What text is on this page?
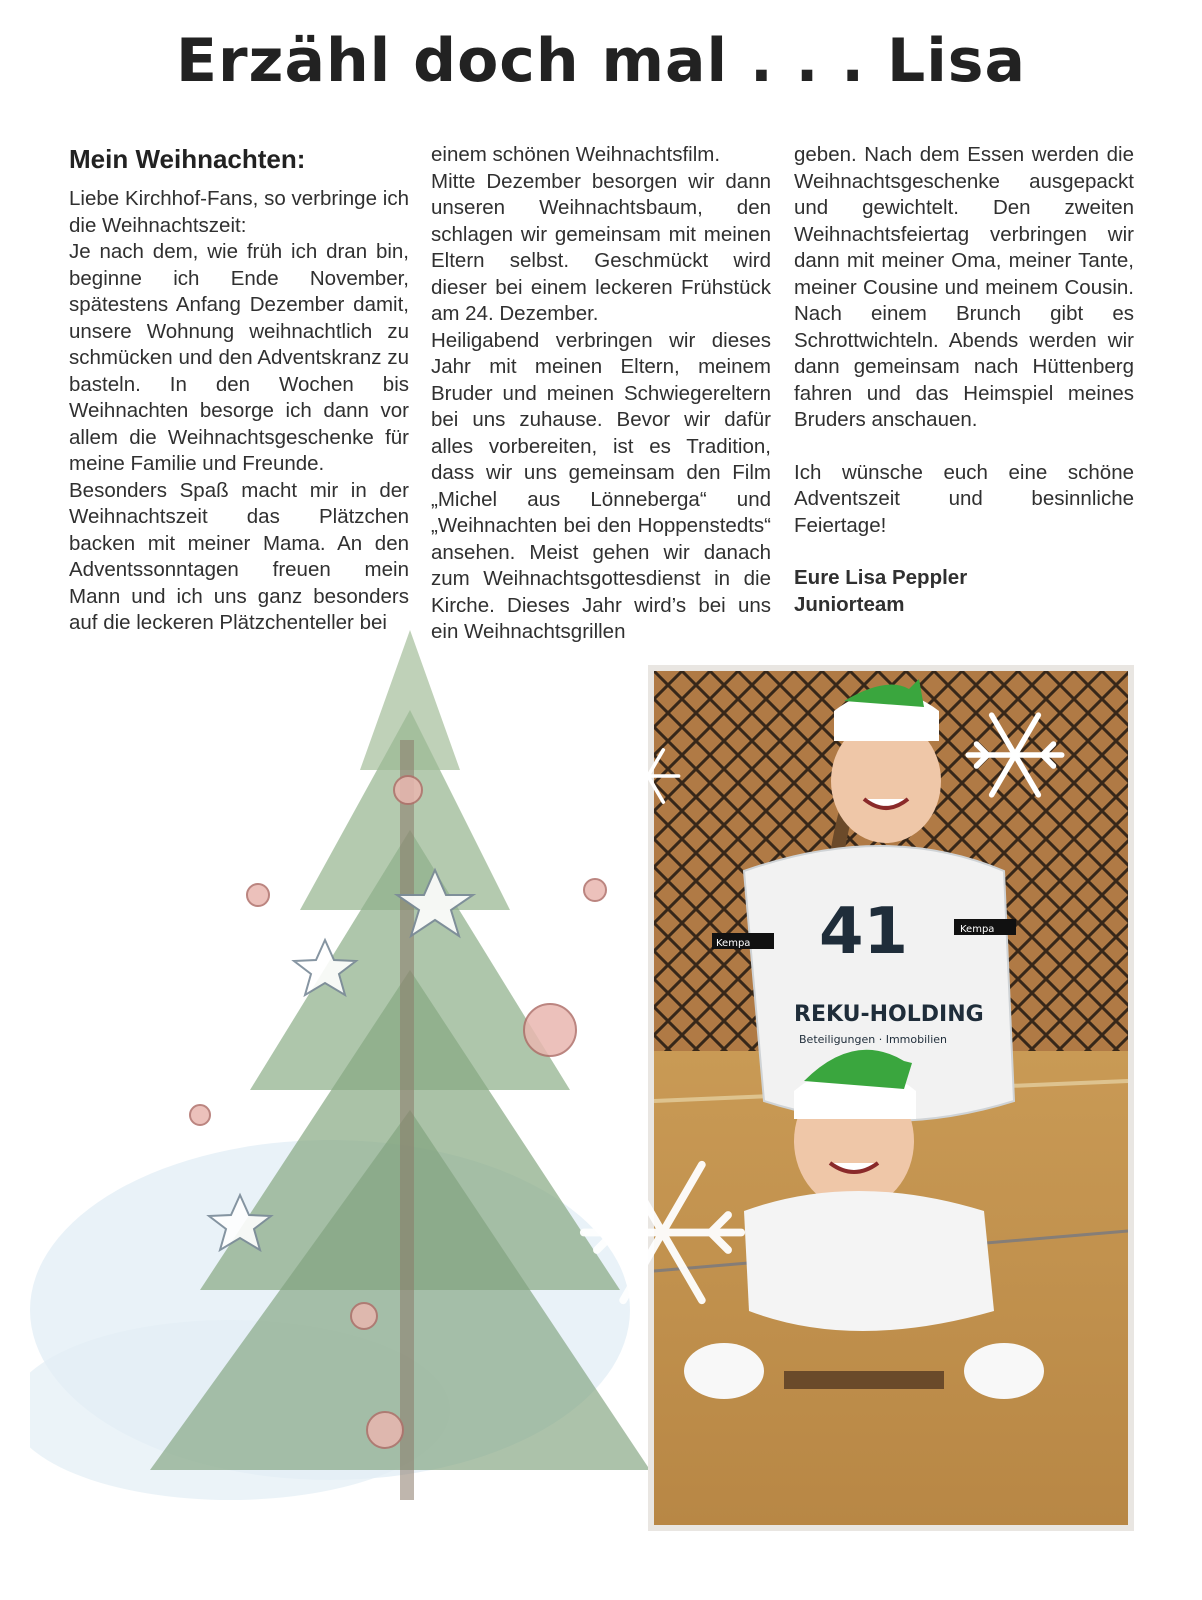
Erzähl doch mal . . . Lisa
Mein Weihnachten:

Liebe Kirchhof-Fans, so verbringe ich die Weihnachtszeit:

Je nach dem, wie früh ich dran bin, beginne ich Ende November, spätestens Anfang Dezember damit, unsere Wohnung weihnachtlich zu schmücken und den Adventskranz zu basteln. In den Wochen bis Weihnachten besorge ich dann vor allem die Weihnachtsgeschenke für meine Familie und Freunde.

Besonders Spaß macht mir in der Weihnachtszeit das Plätzchen backen mit meiner Mama. An den Adventssonntagen freuen mein Mann und ich uns ganz besonders auf die leckeren Plätzchenteller bei

einem schönen Weihnachtsfilm.

Mitte Dezember besorgen wir dann unseren Weihnachtsbaum, den schlagen wir gemeinsam mit meinen Eltern selbst. Geschmückt wird dieser bei einem leckeren Frühstück am 24. Dezember.

Heiligabend verbringen wir dieses Jahr mit meinen Eltern, meinem Bruder und meinen Schwiegereltern bei uns zuhause. Bevor wir dafür alles vorbereiten, ist es Tradition, dass wir uns gemeinsam den Film „Michel aus Lönneberga“ und „Weihnachten bei den Hoppenstedts“ ansehen. Meist gehen wir danach zum Weihnachtsgottesdienst in die Kirche. Dieses Jahr wird’s bei uns ein Weihnachtsgrillen

geben. Nach dem Essen werden die Weihnachtsgeschenke ausgepackt und gewichtelt. Den zweiten Weihnachtsfeiertag verbringen wir dann mit meiner Oma, meiner Tante, meiner Cousine und meinem Cousin. Nach einem Brunch gibt es Schrottwichteln. Abends werden wir dann gemeinsam nach Hüttenberg fahren und das Heimspiel meines Bruders anschauen.

Ich wünsche euch eine schöne Adventszeit und besinnliche Feiertage!

Eure Lisa Peppler

Juniorteam

41
REKU-HOLDING
Beteiligungen · Immobilien
Kempa
Kempa
